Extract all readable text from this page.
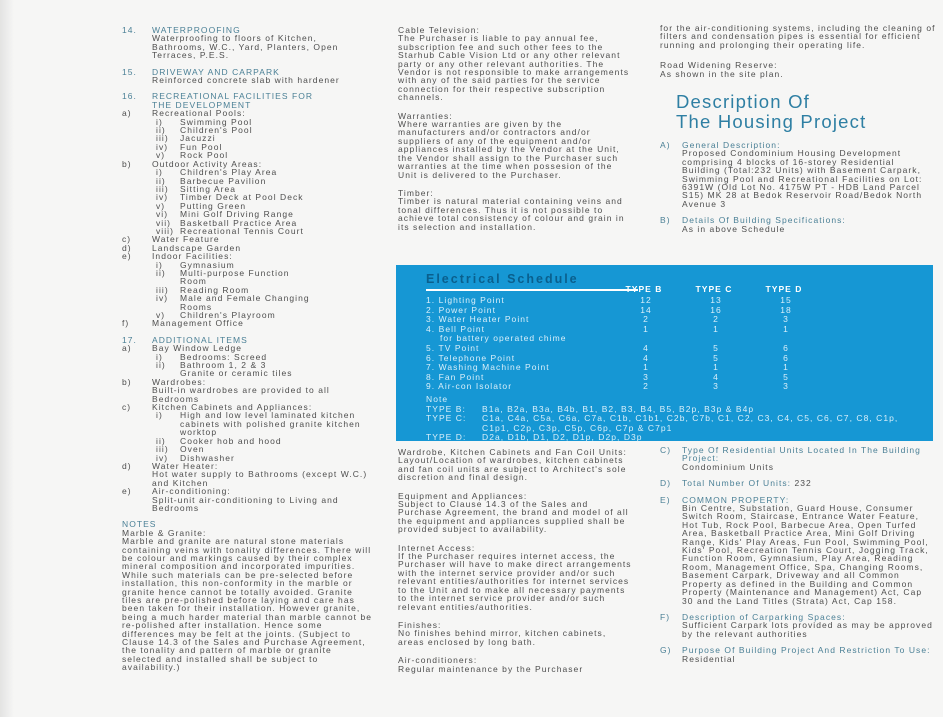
14.	WATERPROOFING
Waterproofing to floors of Kitchen, Bathrooms, W.C., Yard, Planters, Open Terraces, P.E.S.
15.	DRIVEWAY AND CARPARK
Reinforced concrete slab with hardener
16.	RECREATIONAL FACILITIES FOR THE DEVELOPMENT
a)	Recreational Pools:
i)	Swimming Pool
ii)	Children's Pool
iii)	Jacuzzi
iv)	Fun Pool
v)	Rock Pool
b)	Outdoor Activity Areas:
i)	Children's Play Area
ii)	Barbecue Pavilion
iii)	Sitting Area
iv)	Timber Deck at Pool Deck
v)	Putting Green
vi)	Mini Golf Driving Range
vii)	Basketball Practice Area
viii) Recreational Tennis Court
c)	Water Feature
d)	Landscape Garden
e)	Indoor Facilities:
i)	Gymnasium
ii)	Multi-purpose Function
Room
iii)	Reading Room
iv)	Male and Female Changing
Rooms
v)	Children's Playroom
f)	Management Office
17.	ADDITIONAL ITEMS
a)	Bay Window Ledge
i)	Bedrooms: Screed
ii)	Bathroom 1, 2 & 3
Granite or ceramic tiles
b)	Wardrobes:
Built-in wardrobes are provided to all Bedrooms
c)	Kitchen Cabinets and Appliances:
i)	High and low level laminated kitchen cabinets with polished granite kitchen worktop
ii)	Cooker hob and hood
iii)	Oven
iv)	Dishwasher
d)	Water Heater:
Hot water supply to Bathrooms (except W.C.) and Kitchen
e)	Air-conditioning:
Split-unit air-conditioning to Living and Bedrooms
NOTES
Marble & Granite:
Marble and granite are natural stone materials containing veins with tonality differences. There will be colour and markings caused by their complex mineral composition and incorporated impurities. While such materials can be pre-selected before installation, this non-conformity in the marble or granite hence cannot be totally avoided. Granite tiles are pre-polished before laying and care has been taken for their installation. However granite, being a much harder material than marble cannot be re-polished after installation. Hence some differences may be felt at the joints. (Subject to Clause 14.3 of the Sales and Purchase Agreement, the tonality and pattern of marble or granite selected and installed shall be subject to availability.)
Cable Television:
The Purchaser is liable to pay annual fee, subscription fee and such other fees to the Starhub Cable Vision Ltd or any other relevant party or any other relevant authorities. The Vendor is not responsible to make arrangements with any of the said parties for the service connection for their respective subscription channels.
Warranties:
Where warranties are given by the manufacturers and/or contractors and/or suppliers of any of the equipment and/or appliances installed by the Vendor at the Unit, the Vendor shall assign to the Purchaser such warranties at the time when possesion of the Unit is delivered to the Purchaser.
Timber:
Timber is natural material containing veins and tonal differences. Thus it is not possible to achieve total consistency of colour and grain in its selection and installation.
for the air-conditioning systems, including the cleaning of filters and condensation pipes is essential for efficient running and prolonging their operating life.
Road Widening Reserve:
As shown in the site plan.
Description Of
The Housing Project
A) General Description:
Proposed Condominium Housing Development comprising 4 blocks of 16-storey Residential Building (Total:232 Units) with Basement Carpark, Swimming Pool and Recreational Facilities on Lot: 6391W (Old Lot No. 4175W PT - HDB Land Parcel S15) MK 28 at Bedok Reservoir Road/Bedok North Avenue 3
B) Details Of Building Specifications:
As in above Schedule
Electrical Schedule
TYPE B	TYPE C	TYPE D
1. Lighting Point	12	13	15
2. Power Point	14	16	18
3. Water Heater Point	2	2	3
4. Bell Point	1	1	1
for battery operated chime
5. TV Point	4	5	6
6. Telephone Point	4	5	6
7. Washing Machine Point	1	1	1
8. Fan Point	3	4	5
9. Air-con Isolator	2	3	3
Note
TYPE B:	B1a, B2a, B3a, B4b, B1, B2, B3, B4, B5, B2p, B3p & B4p
TYPE C:	C1a, C4a, C5a, C6a, C7a, C1b, C1b1, C2b, C7b, C1, C2, C3, C4, C5, C6, C7, C8, C1p, C1p1, C2p, C3p, C5p, C6p, C7p & C7p1
TYPE D:	D2a, D1b, D1, D2, D1p, D2p, D3p
Wardrobe, Kitchen Cabinets and Fan Coil Units:
Layout/Location of wardrobes, kitchen cabinets and fan coil units are subject to Architect's sole discretion and final design.
Equipment and Appliances:
Subject to Clause 14.3 of the Sales and Purchase Agreement, the brand and model of all the equipment and appliances supplied shall be provided subject to availability.
Internet Access:
If the Purchaser requires internet access, the Purchaser will have to make direct arrangements with the internet service provider and/or such relevant entities/authorities for internet services to the Unit and to make all necessary payments to the internet service provider and/or such relevant entities/authorities.
Finishes:
No finishes behind mirror, kitchen cabinets, areas enclosed by long bath.
Air-conditioners:
Regular maintenance by the Purchaser
C) Type Of Residential Units Located In The Building Project:
Condominium Units
D) Total Number Of Units: 232
E) COMMON PROPERTY:
Bin Centre, Substation, Guard House, Consumer Switch Room, Staircase, Entrance Water Feature, Hot Tub, Rock Pool, Barbecue Area, Open Turfed Area, Basketball Practice Area, Mini Golf Driving Range, Kids' Play Areas, Fun Pool, Swimming Pool, Kids' Pool, Recreation Tennis Court, Jogging Track, Function Room, Gymnasium, Play Area, Reading Room, Management Office, Spa, Changing Rooms, Basement Carpark, Driveway and all Common Property as defined in the Building and Common Property (Maintenance and Management) Act, Cap 30 and the Land Titles (Strata) Act, Cap 158.
F) Description of Carparking Spaces:
Sufficient Carpark lots provided as may be approved by the relevant authorities
G) Purpose Of Building Project And Restriction To Use: Residential
